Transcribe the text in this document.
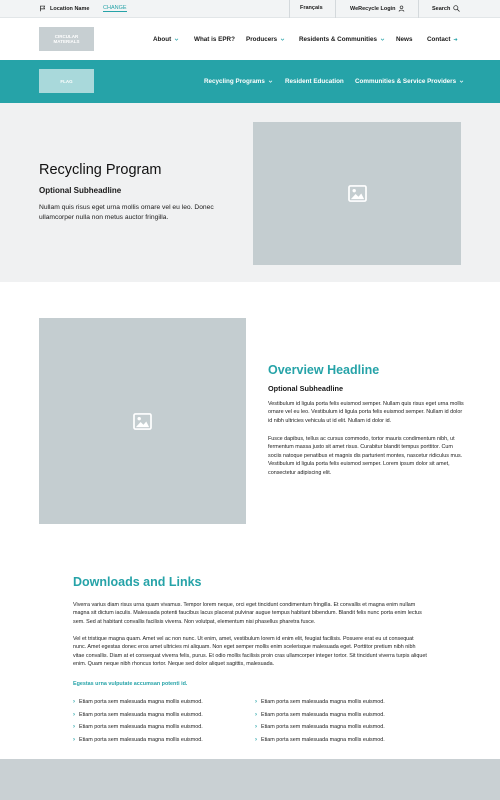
Location Name CHANGE	Français	WeRecycle Login	Search
CIRCULAR MATERIALS	About	What is EPR? Producers	Residents & Communities	News Contact
FLAG	Recycling Programs	Resident Education Communities & Service Providers
Recycling Program
Optional Subheadline

Nullam quis risus eget urna mollis ornare vel eu leo. Donec ullamcorper nulla non metus auctor fringilla.

Overview Headline
Optional Subheadline

Vestibulum id ligula porta felis euismod semper. Nullam quis risus eget urna mollis ornare vel eu leo. Vestibulum id ligula porta felis euismod semper. Nullam id dolor id nibh ultricies vehicula ut id elit. Nullam id dolor id.

Fusce dapibus, tellus ac cursus commodo, tortor mauris condimentum nibh, ut fermentum massa justo sit amet risus. Curabitur blandit tempus porttitor. Cum sociis natoque penatibus et magnis dis parturient montes, nascetur ridiculus mus. Vestibulum id ligula porta felis euismod semper. Lorem ipsum dolor sit amet, consectetur adipiscing elit.

Downloads and Links

Viverra varius diam risus urna quam vivamus. Tempor lorem neque, orci eget tincidunt condimentum fringilla. Et convallis et magna enim nullam magna sit dictum iaculis. Malesuada potenti faucibus lacus placerat pulvinar augue tempus habitant bibendum. Blandit felis nunc porta enim lectus sem. Sed at habitant convallis facilisis viverra. Non volutpat, elementum nisi phasellus pharetra fusce.

Vel et tristique magna quam. Amet vel ac non nunc. Ut enim, amet, vestibulum lorem id enim elit, feugiat facilisis. Posuere erat eu ut consequat nunc. Amet egestas donec eros amet ultricies mi aliquam. Non eget semper mollis enim scelerisque malesuada eget. Porttitor pretium nibh nibh vitae convallis. Diam at et consequat viverra felis, purus. Et odio mollis facilisis proin cras ullamcorper integer tortor. Sit tincidunt viverra turpis aliquet enim. Quam neque nibh rhoncus tortor. Neque sed dolor aliquet sagittis, malesuada.

Egestas urna vulputate accumsan potenti id.
› Etiam porta sem malesuada magna mollis euismod.
› Etiam porta sem malesuada magna mollis euismod.
› Etiam porta sem malesuada magna mollis euismod.
› Etiam porta sem malesuada magna mollis euismod.
› Etiam porta sem malesuada magna mollis euismod.
› Etiam porta sem malesuada magna mollis euismod.
› Etiam porta sem malesuada magna mollis euismod.
› Etiam porta sem malesuada magna mollis euismod.
